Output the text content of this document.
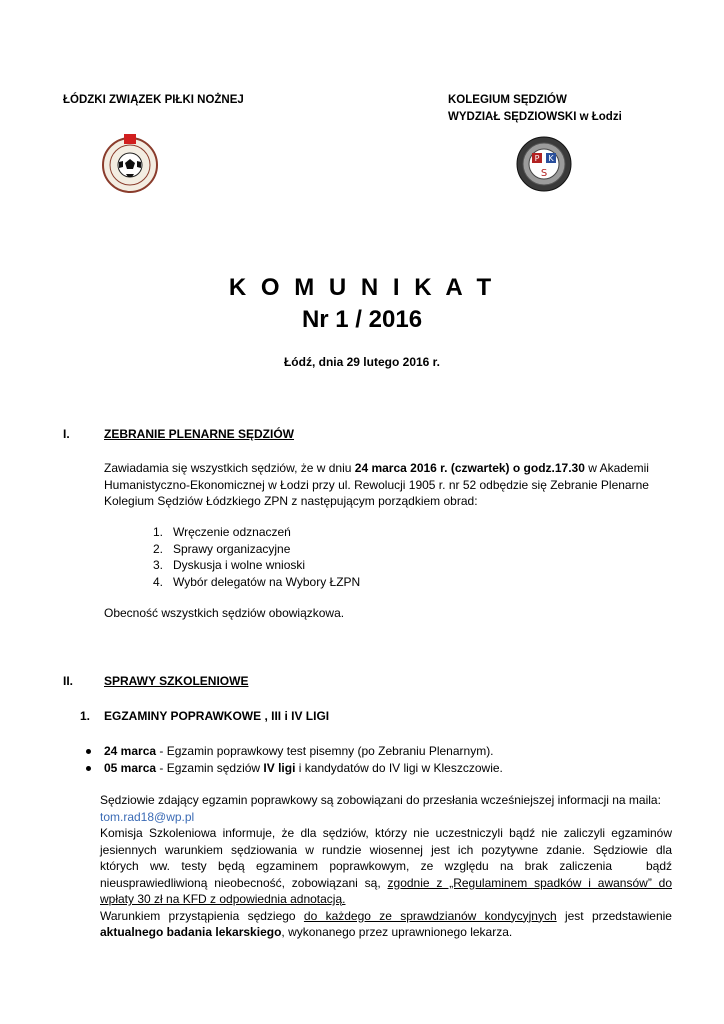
ŁÓDZKI ZWIĄZEK PIŁKI NOŻNEJ	KOLEGIUM SĘDZIÓW
WYDZIAŁ SĘDZIOWSKI w Łodzi
P K
S
K O M U N I K A T
Nr 1 / 2016
Łódź, dnia 29 lutego 2016 r.
I.	ZEBRANIE PLENARNE SĘDZIÓW
Zawiadamia się wszystkich sędziów, że w dniu 24 marca 2016 r. (czwartek) o godz.17.30 w Akademii
Humanistyczno-Ekonomicznej w Łodzi przy ul. Rewolucji 1905 r. nr 52 odbędzie się Zebranie Plenarne
Kolegium Sędziów Łódzkiego ZPN z następującym porządkiem obrad:
1. Wręczenie odznaczeń
2. Sprawy organizacyjne
3. Dyskusja i wolne wnioski
4. Wybór delegatów na Wybory ŁZPN
Obecność wszystkich sędziów obowiązkowa.
II.	SPRAWY SZKOLENIOWE
1. EGZAMINY POPRAWKOWE , III i IV LIGI
24 marca - Egzamin poprawkowy test pisemny (po Zebraniu Plenarnym).
05 marca - Egzamin sędziów IV ligi i kandydatów do IV ligi w Kleszczowie.
Sędziowie zdający egzamin poprawkowy są zobowiązani do przesłania wcześniejszej informacji na maila:
tom.rad18@wp.pl
Komisja Szkoleniowa informuje, że dla sędziów, którzy nie uczestniczyli bądź nie zaliczyli egzaminów
jesiennych warunkiem sędziowania w rundzie wiosennej jest ich pozytywne zdanie. Sędziowie dla
których ww. testy będą egzaminem poprawkowym, ze względu na brak zaliczenia   bądź
nieusprawiedliwioną nieobecność, zobowiązani są, zgodnie z „Regulaminem spadków i awansów” do
wpłaty 30 zł na KFD z odpowiednia adnotacją.
Warunkiem przystąpienia sędziego do każdego ze sprawdzianów kondycyjnych jest przedstawienie
aktualnego badania lekarskiego, wykonanego przez uprawnionego lekarza.
